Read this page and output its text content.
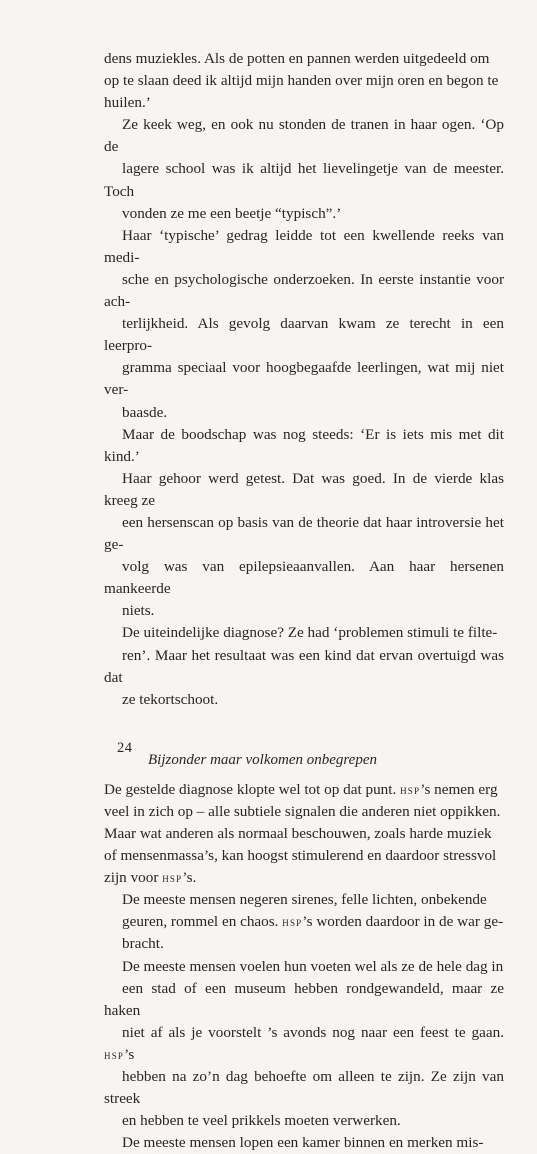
dens muziekles. Als de potten en pannen werden uitgedeeld om
op te slaan deed ik altijd mijn handen over mijn oren en begon te
huilen.’
Ze keek weg, en ook nu stonden de tranen in haar ogen. ‘Op de
lagere school was ik altijd het lievelingetje van de meester. Toch
vonden ze me een beetje “typisch”.’
Haar ‘typische’ gedrag leidde tot een kwellende reeks van medi-
sche en psychologische onderzoeken. In eerste instantie voor ach-
terlijkheid. Als gevolg daarvan kwam ze terecht in een leerpro-
gramma speciaal voor hoogbegaafde leerlingen, wat mij niet ver-
baasde.
Maar de boodschap was nog steeds: ‘Er is iets mis met dit kind.’
Haar gehoor werd getest. Dat was goed. In de vierde klas kreeg ze
een hersenscan op basis van de theorie dat haar introversie het ge-
volg was van epilepsieaanvallen. Aan haar hersenen mankeerde
niets.
De uiteindelijke diagnose? Ze had ‘problemen stimuli te filte-
ren’. Maar het resultaat was een kind dat ervan overtuigd was dat
ze tekortschoot.
Bijzonder maar volkomen onbegrepen
De gestelde diagnose klopte wel tot op dat punt. hsp’s nemen erg
veel in zich op – alle subtiele signalen die anderen niet oppikken.
Maar wat anderen als normaal beschouwen, zoals harde muziek
of mensenmassa’s, kan hoogst stimulerend en daardoor stressvol
zijn voor hsp’s.
De meeste mensen negeren sirenes, felle lichten, onbekende
geuren, rommel en chaos. hsp’s worden daardoor in de war ge-
bracht.
De meeste mensen voelen hun voeten wel als ze de hele dag in
een stad of een museum hebben rondgewandeld, maar ze haken
niet af als je voorstelt ’s avonds nog naar een feest te gaan. hsp’s
hebben na zo’n dag behoefte om alleen te zijn. Ze zijn van streek
en hebben te veel prikkels moeten verwerken.
De meeste mensen lopen een kamer binnen en merken mis-
24
